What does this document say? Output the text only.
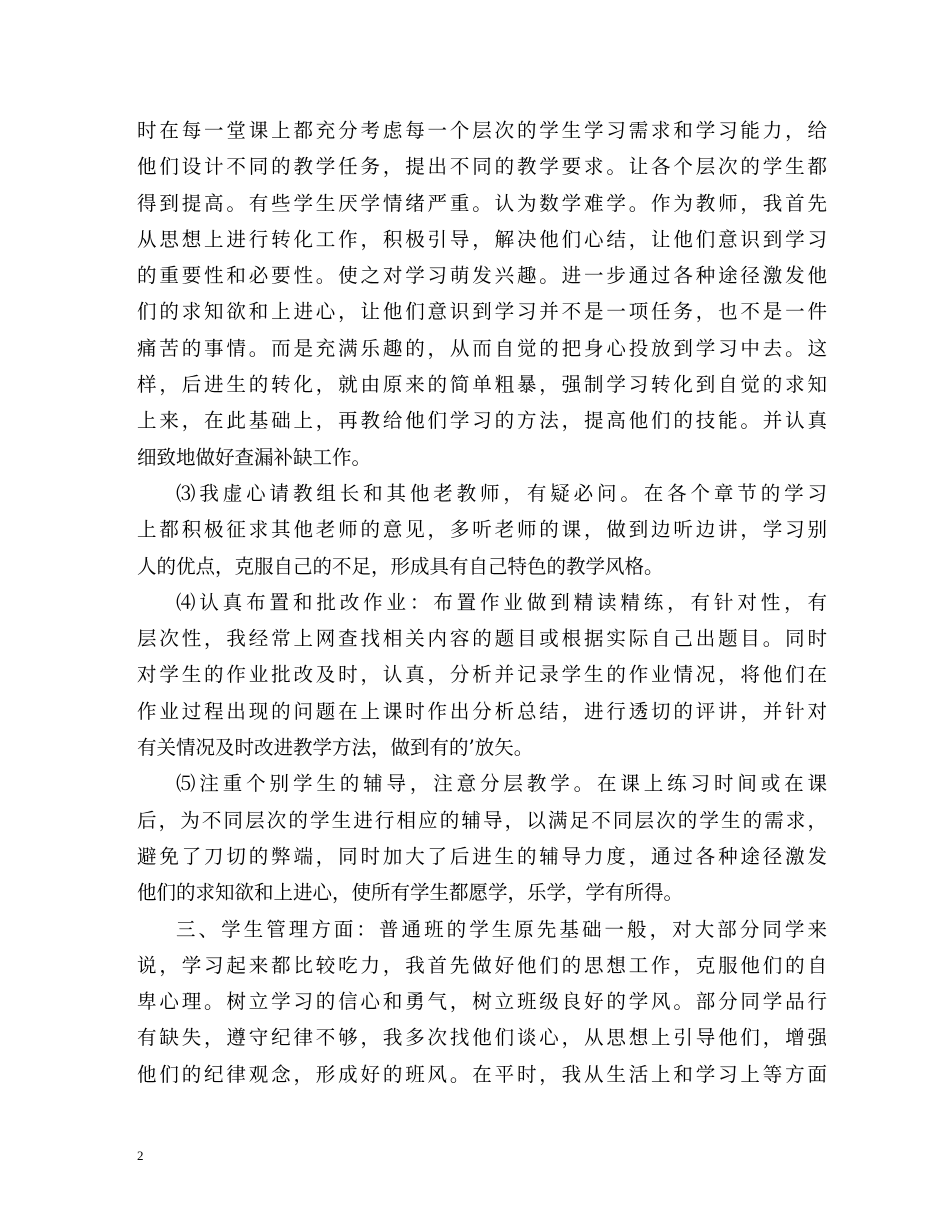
时在每一堂课上都充分考虑每一个层次的学生学习需求和学习能力，给
他们设计不同的教学任务，提出不同的教学要求。让各个层次的学生都
得到提高。有些学生厌学情绪严重。认为数学难学。作为教师，我首先
从思想上进行转化工作，积极引导，解决他们心结，让他们意识到学习
的重要性和必要性。使之对学习萌发兴趣。进一步通过各种途径激发他
们的求知欲和上进心，让他们意识到学习并不是一项任务，也不是一件
痛苦的事情。而是充满乐趣的，从而自觉的把身心投放到学习中去。这
样，后进生的转化，就由原来的简单粗暴，强制学习转化到自觉的求知
上来，在此基础上，再教给他们学习的方法，提高他们的技能。并认真
细致地做好查漏补缺工作。
⑶我虚心请教组长和其他老教师，有疑必问。在各个章节的学习
上都积极征求其他老师的意见，多听老师的课，做到边听边讲，学习别
人的优点，克服自己的不足，形成具有自己特色的教学风格。
⑷认真布置和批改作业：布置作业做到精读精练，有针对性，有
层次性，我经常上网查找相关内容的题目或根据实际自己出题目。同时
对学生的作业批改及时，认真，分析并记录学生的作业情况，将他们在
作业过程出现的问题在上课时作出分析总结，进行透切的评讲，并针对
有关情况及时改进教学方法，做到有的’放矢。
⑸注重个别学生的辅导，注意分层教学。在课上练习时间或在课
后，为不同层次的学生进行相应的辅导，以满足不同层次的学生的需求，
避免了刀切的弊端，同时加大了后进生的辅导力度，通过各种途径激发
他们的求知欲和上进心，使所有学生都愿学，乐学，学有所得。
三、学生管理方面：普通班的学生原先基础一般，对大部分同学来
说，学习起来都比较吃力，我首先做好他们的思想工作，克服他们的自
卑心理。树立学习的信心和勇气，树立班级良好的学风。部分同学品行
有缺失，遵守纪律不够，我多次找他们谈心，从思想上引导他们，增强
他们的纪律观念，形成好的班风。在平时，我从生活上和学习上等方面
2
